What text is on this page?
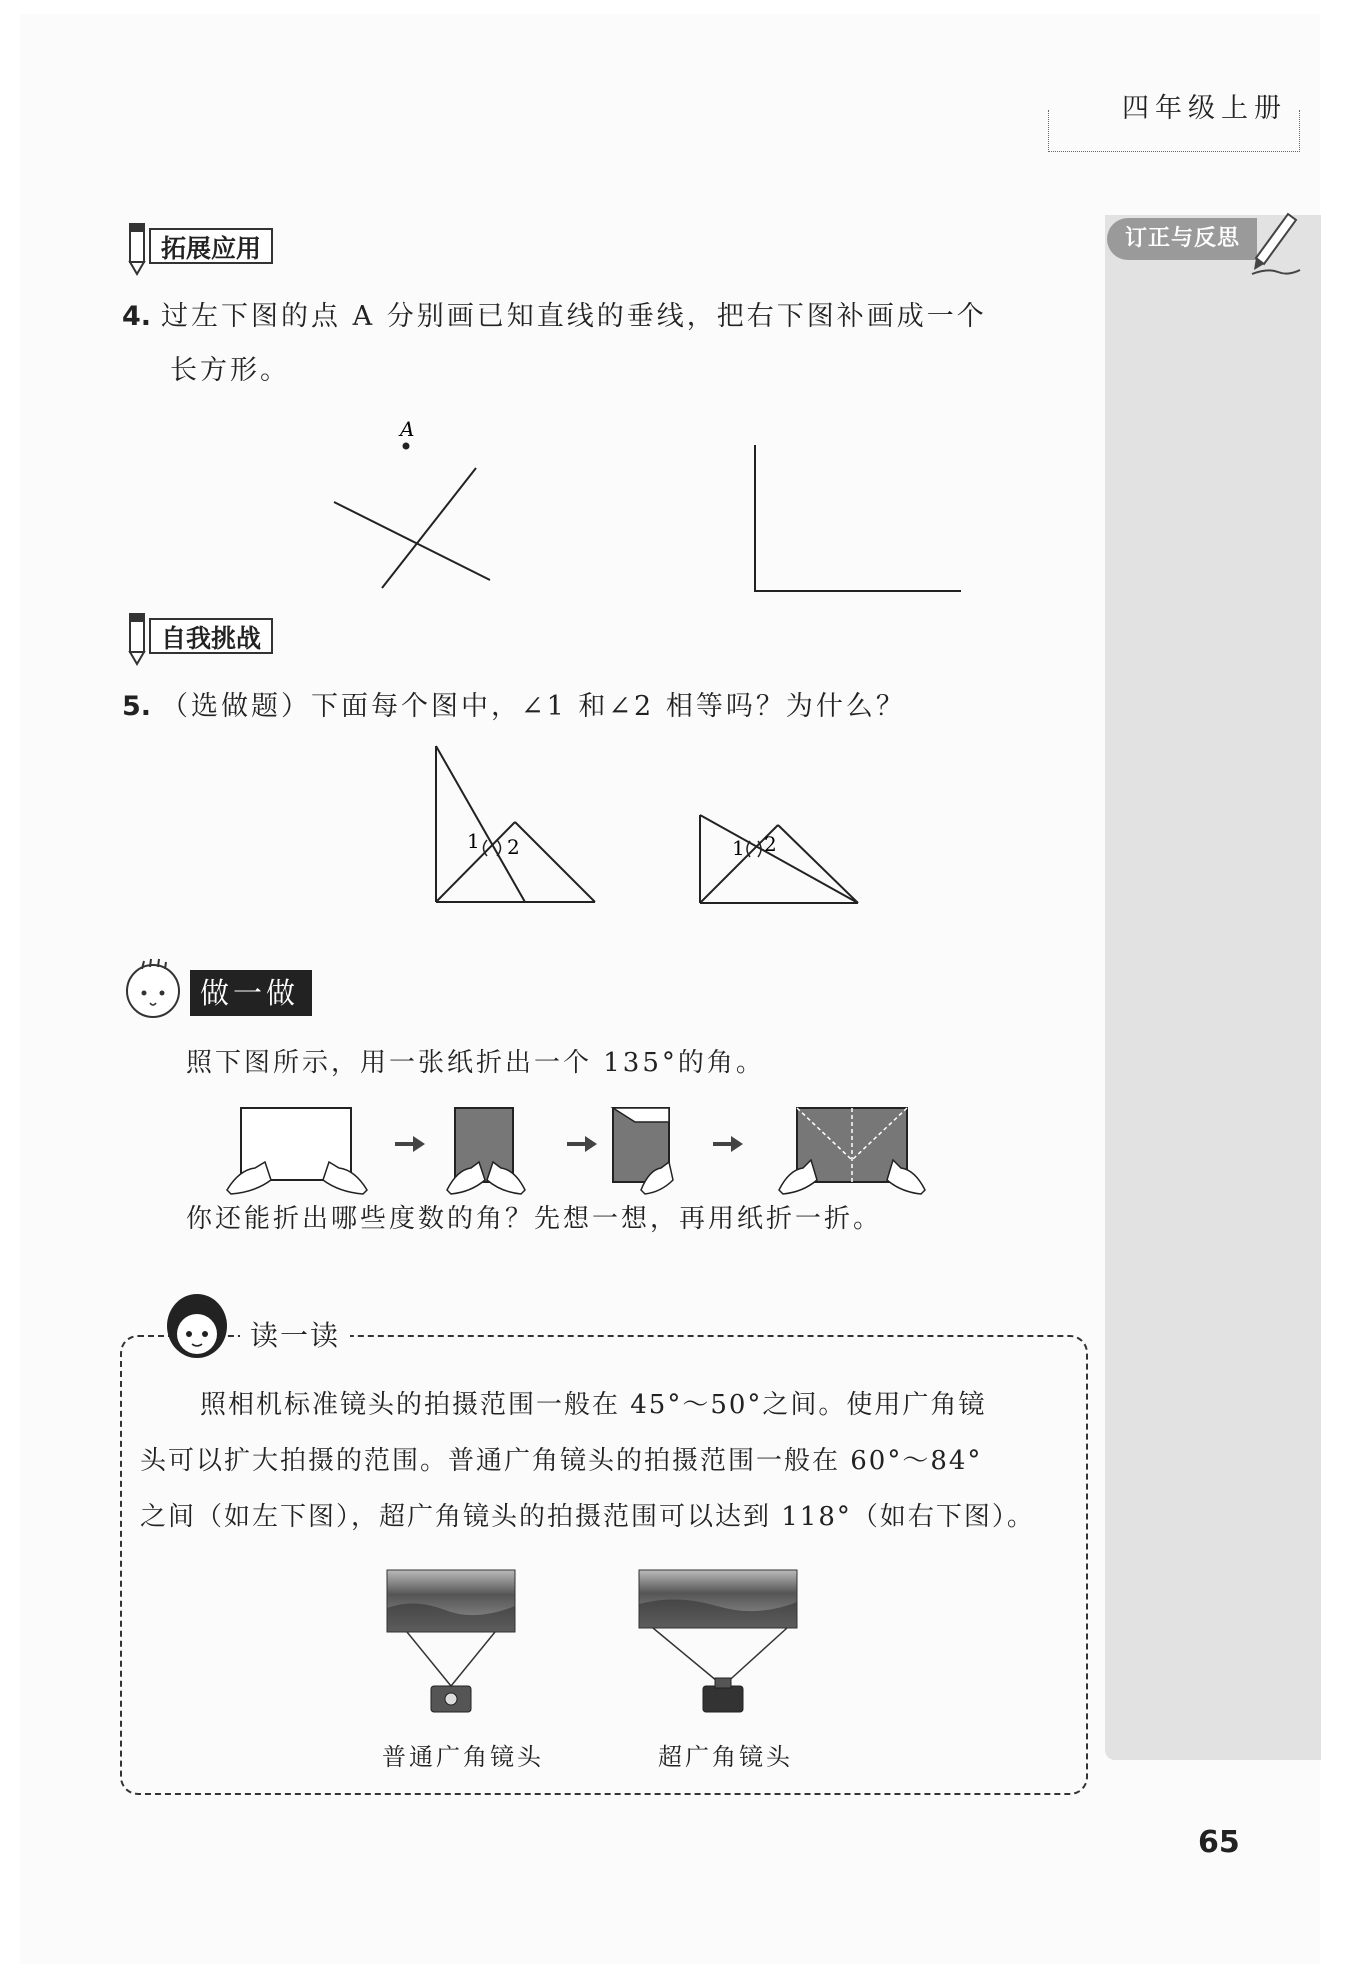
四年级上册
订正与反思
拓展应用
4. 过左下图的点 A 分别画已知直线的垂线，把右下图补画成一个
长方形。
A
自我挑战
5. （选做题）下面每个图中，∠1 和∠2 相等吗？为什么？
1 2	1 2
做一做
照下图所示，用一张纸折出一个 135°的角。
你还能折出哪些度数的角？先想一想，再用纸折一折。
读一读
照相机标准镜头的拍摄范围一般在 45°～50°之间。使用广角镜
头可以扩大拍摄的范围。普通广角镜头的拍摄范围一般在 60°～84°
之间（如左下图），超广角镜头的拍摄范围可以达到 118°（如右下图）。
普通广角镜头	超广角镜头
65
